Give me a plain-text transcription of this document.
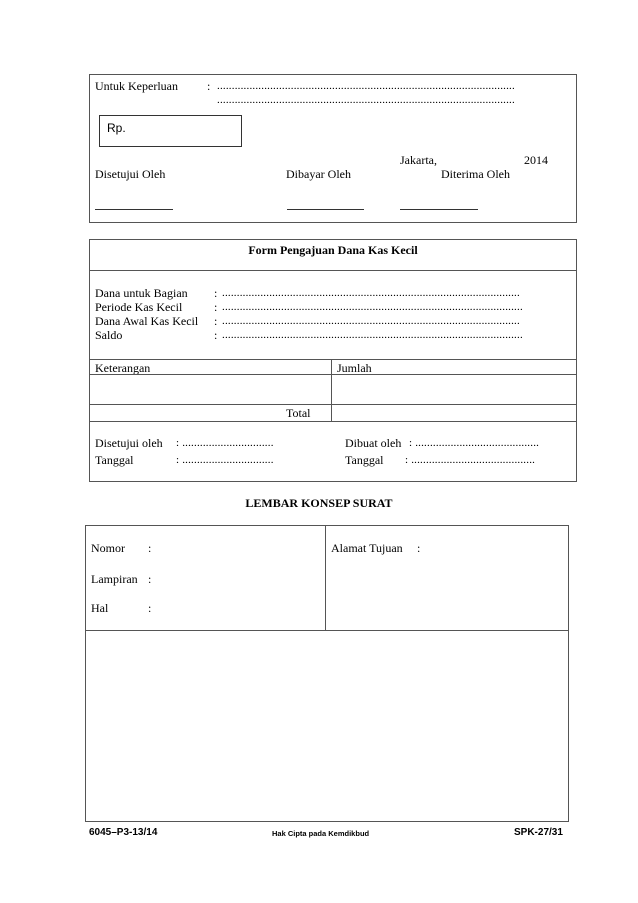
Untuk Keperluan : .....................................................................................................
.....................................................................................................
Rp.
Jakarta,	2014
Disetujui Oleh	Dibayar Oleh	Diterima Oleh
Form Pengajuan Dana Kas Kecil
Dana untuk Bagian : .....................................................................................................
Periode Kas Kecil	: ......................................................................................................
Dana Awal Kas Kecil : .....................................................................................................
Saldo	: ......................................................................................................
Keterangan	Jumlah
Total
Disetujui oleh : ...............................	Dibuat oleh : ..........................................
Tanggal	: ...............................	Tanggal : ..........................................
LEMBAR KONSEP SURAT
Nomor :
Lampiran :
Hal	:
Alamat Tujuan :
6045–P3-13/14	Hak Cipta pada Kemdikbud	SPK-27/31
